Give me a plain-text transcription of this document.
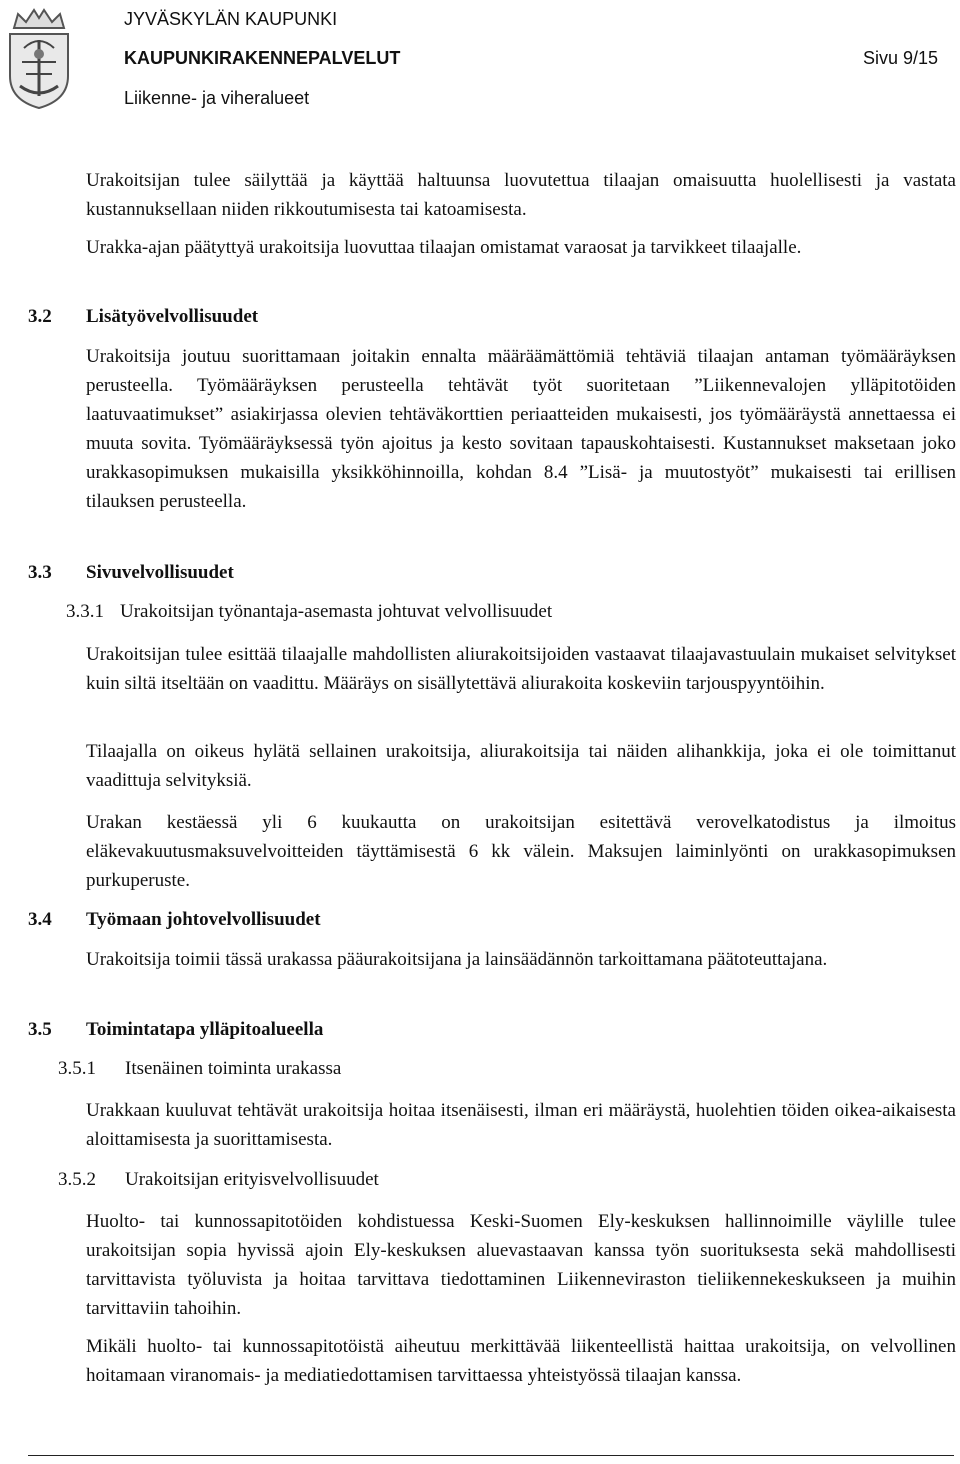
JYVÄSKYLÄN KAUPUNKI
KAUPUNKIRAKENNEPALVELUT
Liikenne- ja viheralueet
Sivu 9/15

Urakoitsijan tulee säilyttää ja käyttää haltuunsa luovutettua tilaajan omaisuutta huolellisesti ja vastata kustannuksellaan niiden rikkoutumisesta tai katoamisesta.

Urakka-ajan päätyttyä urakoitsija luovuttaa tilaajan omistamat varaosat ja tarvikkeet tilaajalle.

3.2 Lisätyövelvollisuudet

Urakoitsija joutuu suorittamaan joitakin ennalta määräämättömiä tehtäviä tilaajan antaman työmääräyksen perusteella. Työmääräyksen perusteella tehtävät työt suoritetaan ”Liikennevalojen ylläpitotöiden laatuvaatimukset” asiakirjassa olevien tehtäväkorttien periaatteiden mukaisesti, jos työmääräystä annettaessa ei muuta sovita. Työmääräyksessä työn ajoitus ja kesto sovitaan tapauskohtaisesti. Kustannukset maksetaan joko urakkasopimuksen mukaisilla yksikköhinnoilla, kohdan 8.4 ”Lisä- ja muutostyöt” mukaisesti tai erillisen tilauksen perusteella.

3.3 Sivuvelvollisuudet
3.3.1 Urakoitsijan työnantaja-asemasta johtuvat velvollisuudet

Urakoitsijan tulee esittää tilaajalle mahdollisten aliurakoitsijoiden vastaavat tilaajavastuulain mukaiset selvitykset kuin siltä itseltään on vaadittu. Määräys on sisällytettävä aliurakoita koskeviin tarjouspyyntöihin.

Tilaajalla on oikeus hylätä sellainen urakoitsija, aliurakoitsija tai näiden alihankkija, joka ei ole toimittanut vaadittuja selvityksiä.

Urakan kestäessä yli 6 kuukautta on urakoitsijan esitettävä verovelkatodistus ja ilmoitus eläkevakuutusmaksuvelvoitteiden täyttämisestä 6 kk välein. Maksujen laiminlyönti on urakkasopimuksen purkuperuste.

3.4 Työmaan johtovelvollisuudet

Urakoitsija toimii tässä urakassa pääurakoitsijana ja lainsäädännön tarkoittamana päätoteuttajana.

3.5 Toimintatapa ylläpitoalueella
3.5.1 Itsenäinen toiminta urakassa

Urakkaan kuuluvat tehtävät urakoitsija hoitaa itsenäisesti, ilman eri määräystä, huolehtien töiden oikea-aikaisesta aloittamisesta ja suorittamisesta.

3.5.2 Urakoitsijan erityisvelvollisuudet

Huolto- tai kunnossapitotöiden kohdistuessa Keski-Suomen Ely-keskuksen hallinnoimille väylille tulee urakoitsijan sopia hyvissä ajoin Ely-keskuksen aluevastaavan kanssa työn suorituksesta sekä mahdollisesti tarvittavista työluvista ja hoitaa tarvittava tiedottaminen Liikenneviraston tieliikennekeskukseen ja muihin tarvittaviin tahoihin.

Mikäli huolto- tai kunnossapitotöistä aiheutuu merkittävää liikenteellistä haittaa urakoitsija, on velvollinen hoitamaan viranomais- ja mediatiedottamisen tarvittaessa yhteistyössä tilaajan kanssa.
